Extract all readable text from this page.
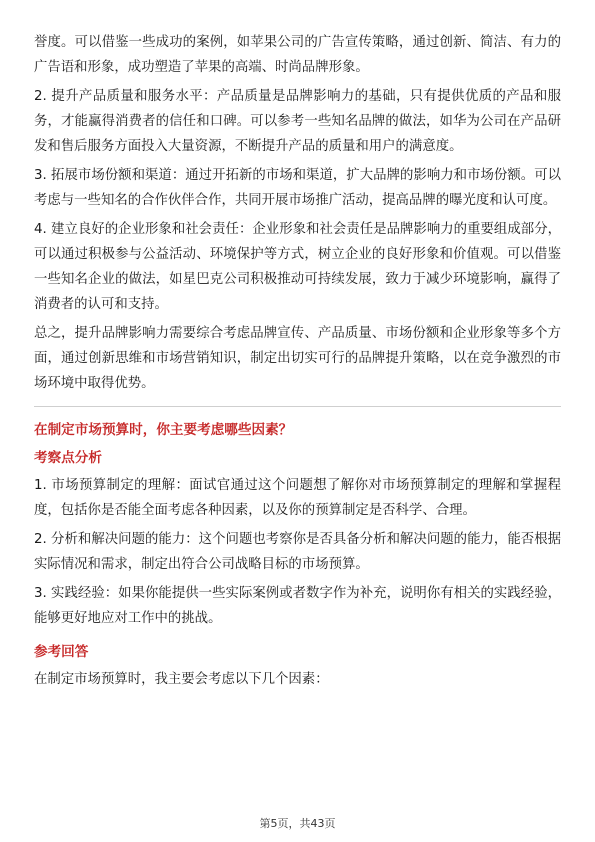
誉度。可以借鉴一些成功的案例，如苹果公司的广告宣传策略，通过创新、简洁、有力的广告语和形象，成功塑造了苹果的高端、时尚品牌形象。

2. 提升产品质量和服务水平：产品质量是品牌影响力的基础，只有提供优质的产品和服务，才能赢得消费者的信任和口碑。可以参考一些知名品牌的做法，如华为公司在产品研发和售后服务方面投入大量资源，不断提升产品的质量和用户的满意度。

3. 拓展市场份额和渠道：通过开拓新的市场和渠道，扩大品牌的影响力和市场份额。可以考虑与一些知名的合作伙伴合作，共同开展市场推广活动，提高品牌的曝光度和认可度。

4. 建立良好的企业形象和社会责任：企业形象和社会责任是品牌影响力的重要组成部分，可以通过积极参与公益活动、环境保护等方式，树立企业的良好形象和价值观。可以借鉴一些知名企业的做法，如星巴克公司积极推动可持续发展，致力于减少环境影响，赢得了消费者的认可和支持。

总之，提升品牌影响力需要综合考虑品牌宣传、产品质量、市场份额和企业形象等多个方面，通过创新思维和市场营销知识，制定出切实可行的品牌提升策略，以在竞争激烈的市场环境中取得优势。

在制定市场预算时，你主要考虑哪些因素？
考察点分析

1. 市场预算制定的理解：面试官通过这个问题想了解你对市场预算制定的理解和掌握程度，包括你是否能全面考虑各种因素，以及你的预算制定是否科学、合理。

2. 分析和解决问题的能力：这个问题也考察你是否具备分析和解决问题的能力，能否根据实际情况和需求，制定出符合公司战略目标的市场预算。

3. 实践经验：如果你能提供一些实际案例或者数字作为补充，说明你有相关的实践经验，能够更好地应对工作中的挑战。

参考回答

在制定市场预算时，我主要会考虑以下几个因素：

第5页，共43页
